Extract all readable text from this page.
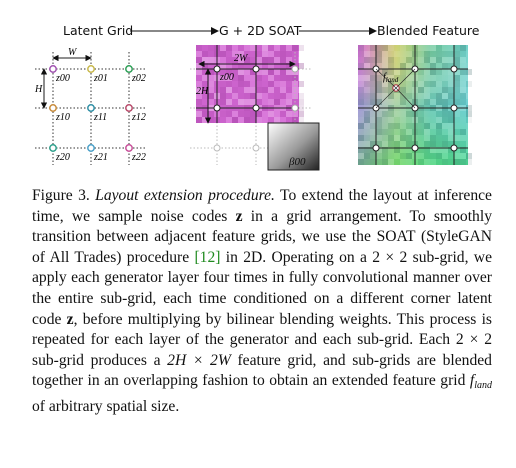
W
H
z00 z01 z02
z10 z11 z12
z20 z21 z22
2W
2H
z00
β00
$f_{land}$
Latent Grid	G + 2D SOAT	Blended Feature

Figure 3. Layout extension procedure. To extend the layout at inference time, we sample noise codes z in a grid arrangement. To smoothly transition between adjacent feature grids, we use the SOAT (StyleGAN of All Trades) procedure [12] in 2D. Operating on a 2 × 2 sub-grid, we apply each generator layer four times in fully convolutional manner over the entire sub-grid, each time conditioned on a different corner latent code z, before multiplying by bilinear blending weights. This process is repeated for each layer of the generator and each sub-grid. Each 2 × 2 sub-grid produces a 2H × 2W feature grid, and sub-grids are blended together in an overlapping fashion to obtain an extended feature grid $f_{land}$ of arbitrary spatial size.
